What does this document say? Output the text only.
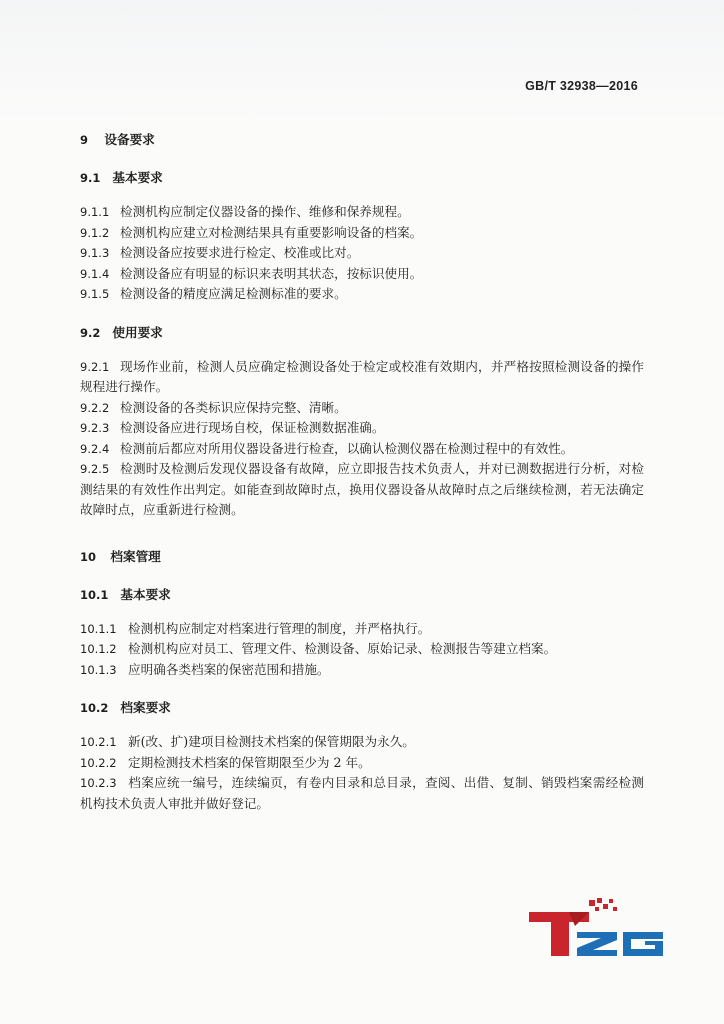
GB/T 32938—2016
9 设备要求
9.1 基本要求

9.1.1 检测机构应制定仪器设备的操作、维修和保养规程。

9.1.2 检测机构应建立对检测结果具有重要影响设备的档案。

9.1.3 检测设备应按要求进行检定、校准或比对。

9.1.4 检测设备应有明显的标识来表明其状态，按标识使用。

9.1.5 检测设备的精度应满足检测标准的要求。

9.2 使用要求

9.2.1 现场作业前，检测人员应确定检测设备处于检定或校准有效期内，并严格按照检测设备的操作规程进行操作。

9.2.2 检测设备的各类标识应保持完整、清晰。

9.2.3 检测设备应进行现场自校，保证检测数据准确。

9.2.4 检测前后都应对所用仪器设备进行检查，以确认检测仪器在检测过程中的有效性。

9.2.5 检测时及检测后发现仪器设备有故障，应立即报告技术负责人，并对已测数据进行分析，对检测结果的有效性作出判定。如能查到故障时点，换用仪器设备从故障时点之后继续检测，若无法确定故障时点，应重新进行检测。

10 档案管理
10.1 基本要求

10.1.1 检测机构应制定对档案进行管理的制度，并严格执行。

10.1.2 检测机构应对员工、管理文件、检测设备、原始记录、检测报告等建立档案。

10.1.3 应明确各类档案的保密范围和措施。

10.2 档案要求

10.2.1 新(改、扩)建项目检测技术档案的保管期限为永久。

10.2.2 定期检测技术档案的保管期限至少为 2 年。

10.2.3 档案应统一编号，连续编页，有卷内目录和总目录，查阅、出借、复制、销毁档案需经检测机构技术负责人审批并做好登记。
